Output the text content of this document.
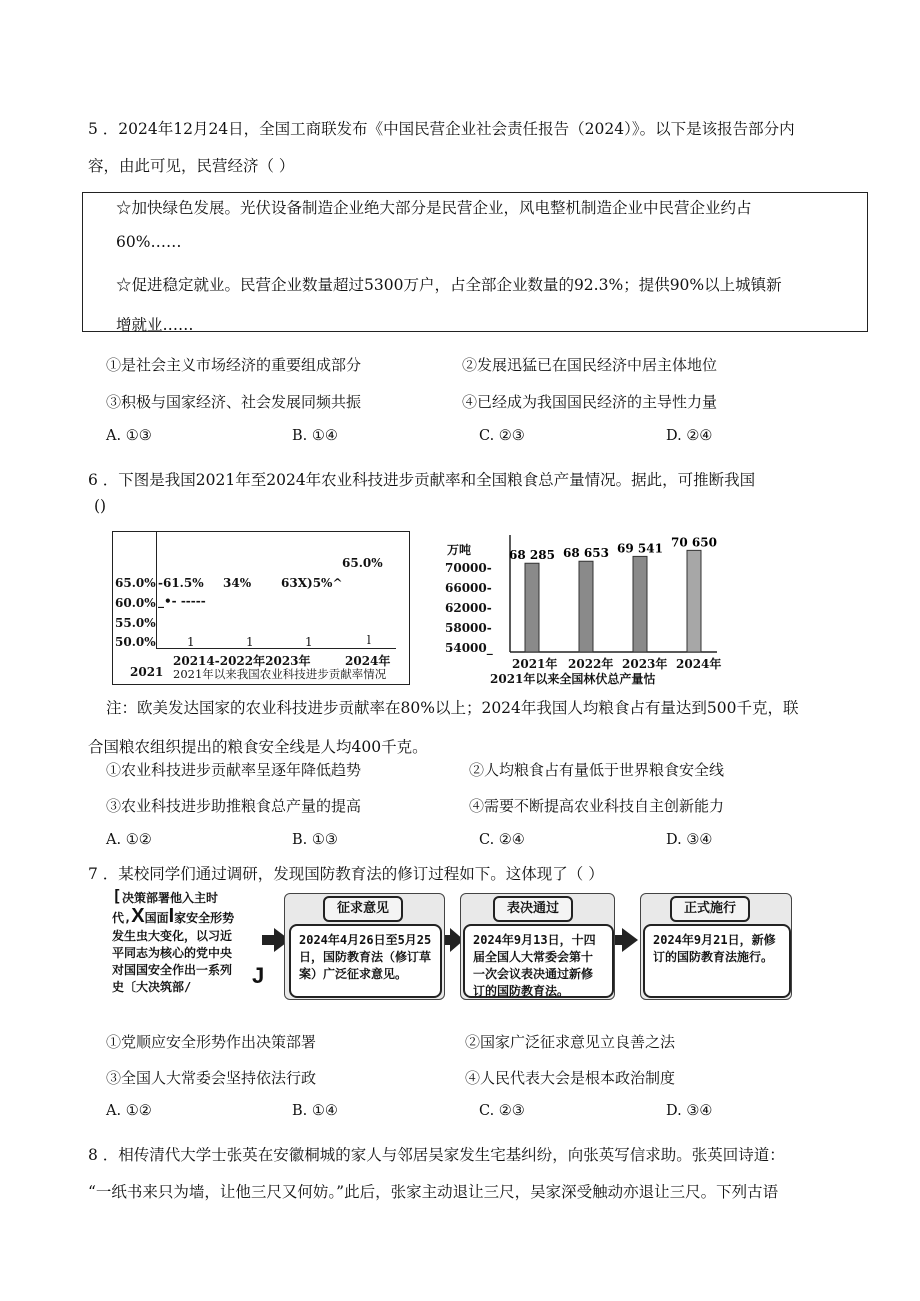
5 ．2024年12月24日，全国工商联发布《中国民营企业社会责任报告（2024）》。以下是该报告部分内
容，由此可见，民营经济（ ）
☆加快绿色发展。光伏设备制造企业绝大部分是民营企业，风电整机制造企业中民营企业约占
60%……
☆促进稳定就业。民营企业数量超过5300万户，占全部企业数量的92.3%；提供90%以上城镇新
增就业……
①是社会主义市场经济的重要组成部分	②发展迅猛已在国民经济中居主体地位
③积极与国家经济、社会发展同频共振	④已经成为我国国民经济的主导性力量
A. ①③	B. ①④	C. ②③	D. ②④
6 ．下图是我国2021年至2024年农业科技进步贡献率和全国粮食总产量情况。据此，可推断我国
()
65.0%
60.0%
55.0%
50.0%
-61.5% 34% 63X)5%^
65.0%
_•- -----
1	1	1	l
20214-2022年2023年	2024年
2021 2021年以来我国农业科技进步贡献率情况
万吨
70000-
66000-
62000-
58000-
54000_
68 285 68 653 69 541 70 650
2021年 2022年 2023年 2024年
2021年以来全国林伏总产量怙
注：欧美发达国家的农业科技进步贡献率在80%以上；2024年我国人均粮食占有量达到500千克，联
合国粮农组织提出的粮食安全线是人均400千克。
①农业科技进步贡献率呈逐年降低趋势	②人均粮食占有量低于世界粮食安全线
③农业科技进步助推粮食总产量的提高	④需要不断提高农业科技自主创新能力
A. ①②	B. ①③	C. ②④	D. ③④
7 ．某校同学们通过调研，发现国防教育法的修订过程如下。这体现了（ ）
[ 决策部署他入主时
代,X国面I家安全形势
发生虫大变化，以习近
平同志为核心的党中央
对国国安全作出一系列
史〔大决筑部/	J
征求意见
2024年4月26日至5月25日，国防教育法（修订草案）广泛征求意见。
表决通过
2024年9月13日，十四届全国人大常委会第十一次会议表决通过新修订的国防教育法。
正式施行
2024年9月21日，新修订的国防教育法施行。
①党顺应安全形势作出决策部署	②国家广泛征求意见立良善之法
③全国人大常委会坚持依法行政	④人民代表大会是根本政治制度
A. ①②	B. ①④	C. ②③	D. ③④
8 ．相传清代大学士张英在安徽桐城的家人与邻居吴家发生宅基纠纷，向张英写信求助。张英回诗道：
“一纸书来只为墙，让他三尺又何妨。”此后，张家主动退让三尺，吴家深受触动亦退让三尺。下列古语
